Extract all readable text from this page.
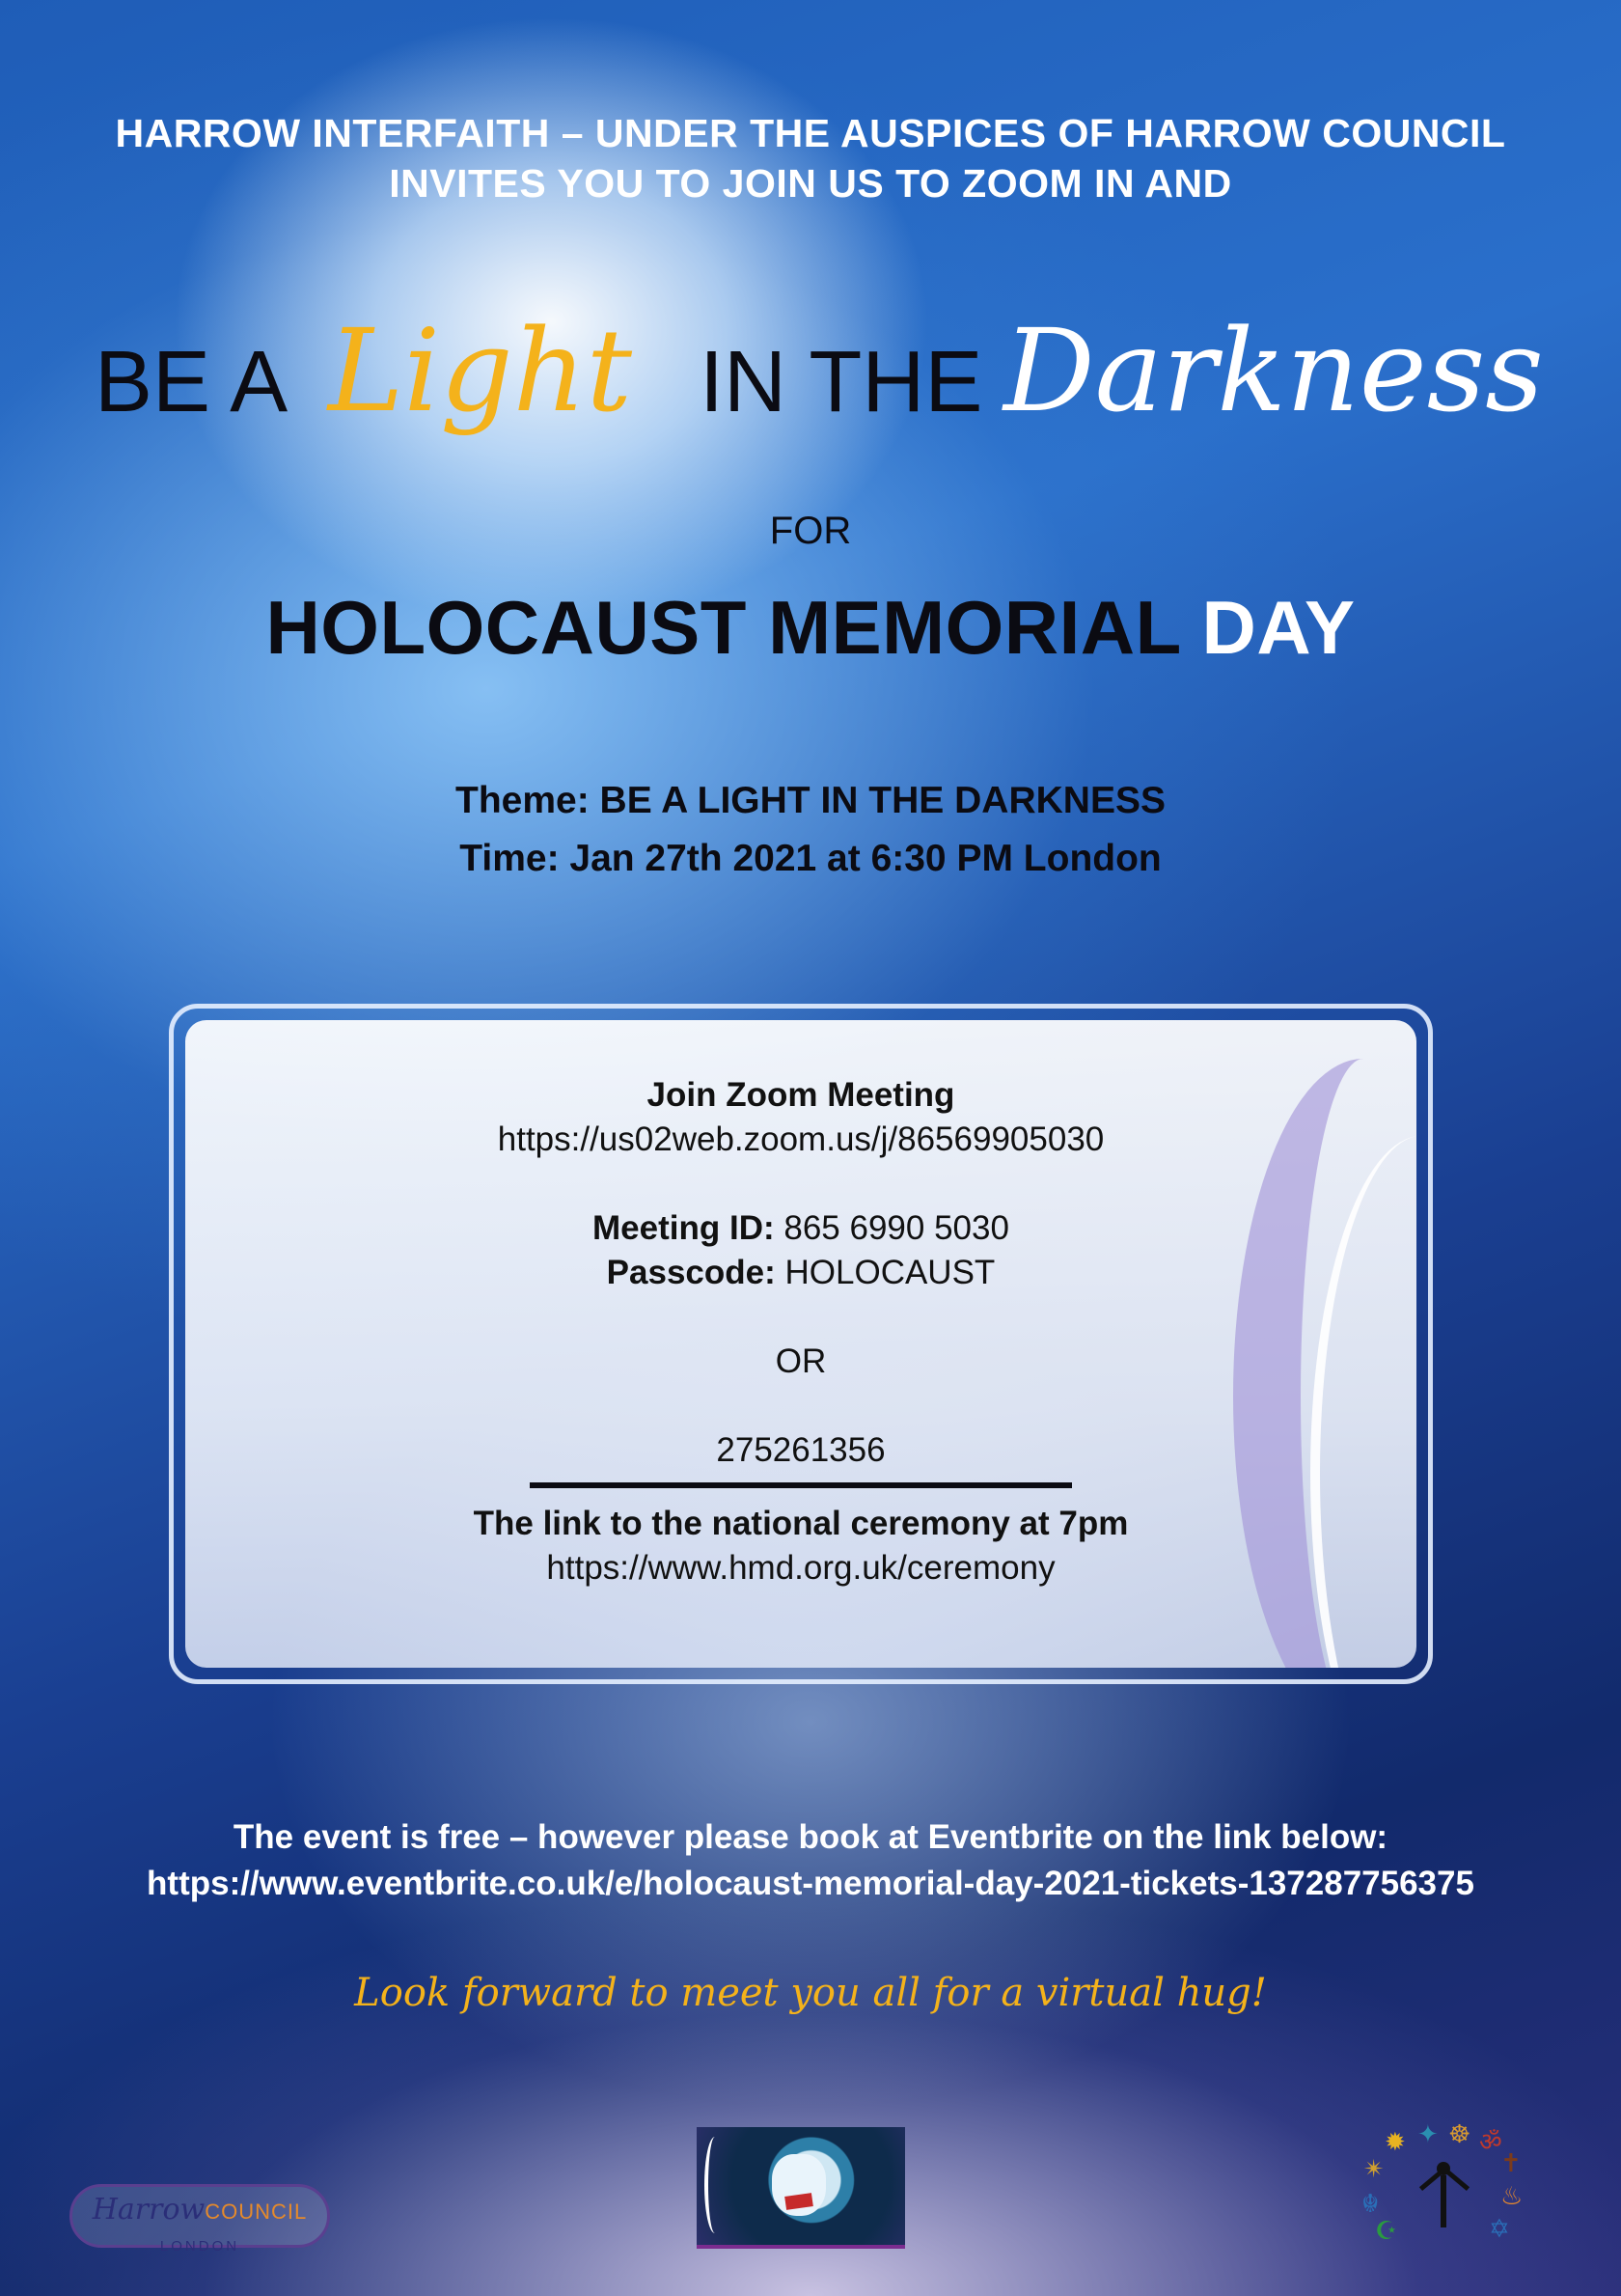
HARROW INTERFAITH – UNDER THE AUSPICES OF HARROW COUNCIL
INVITES YOU TO JOIN US TO ZOOM IN AND
BE A Light IN THE Darkness
FOR
HOLOCAUST MEMORIAL DAY
Theme: BE A LIGHT IN THE DARKNESS
Time: Jan 27th 2021 at 6:30 PM London
Join Zoom Meeting
https://us02web.zoom.us/j/86569905030
Meeting ID: 865 6990 5030
Passcode: HOLOCAUST
OR
275261356
The link to the national ceremony at 7pm
https://www.hmd.org.uk/ceremony
The event is free – however please book at Eventbrite on the link below:
https://www.eventbrite.co.uk/e/holocaust-memorial-day-2021-tickets-137287756375
Look forward to meet you all for a virtual hug!
HarrowCOUNCIL
LONDON
✹ ✦ ☸ ॐ
✝
✴
☬
☪
♨
✡
